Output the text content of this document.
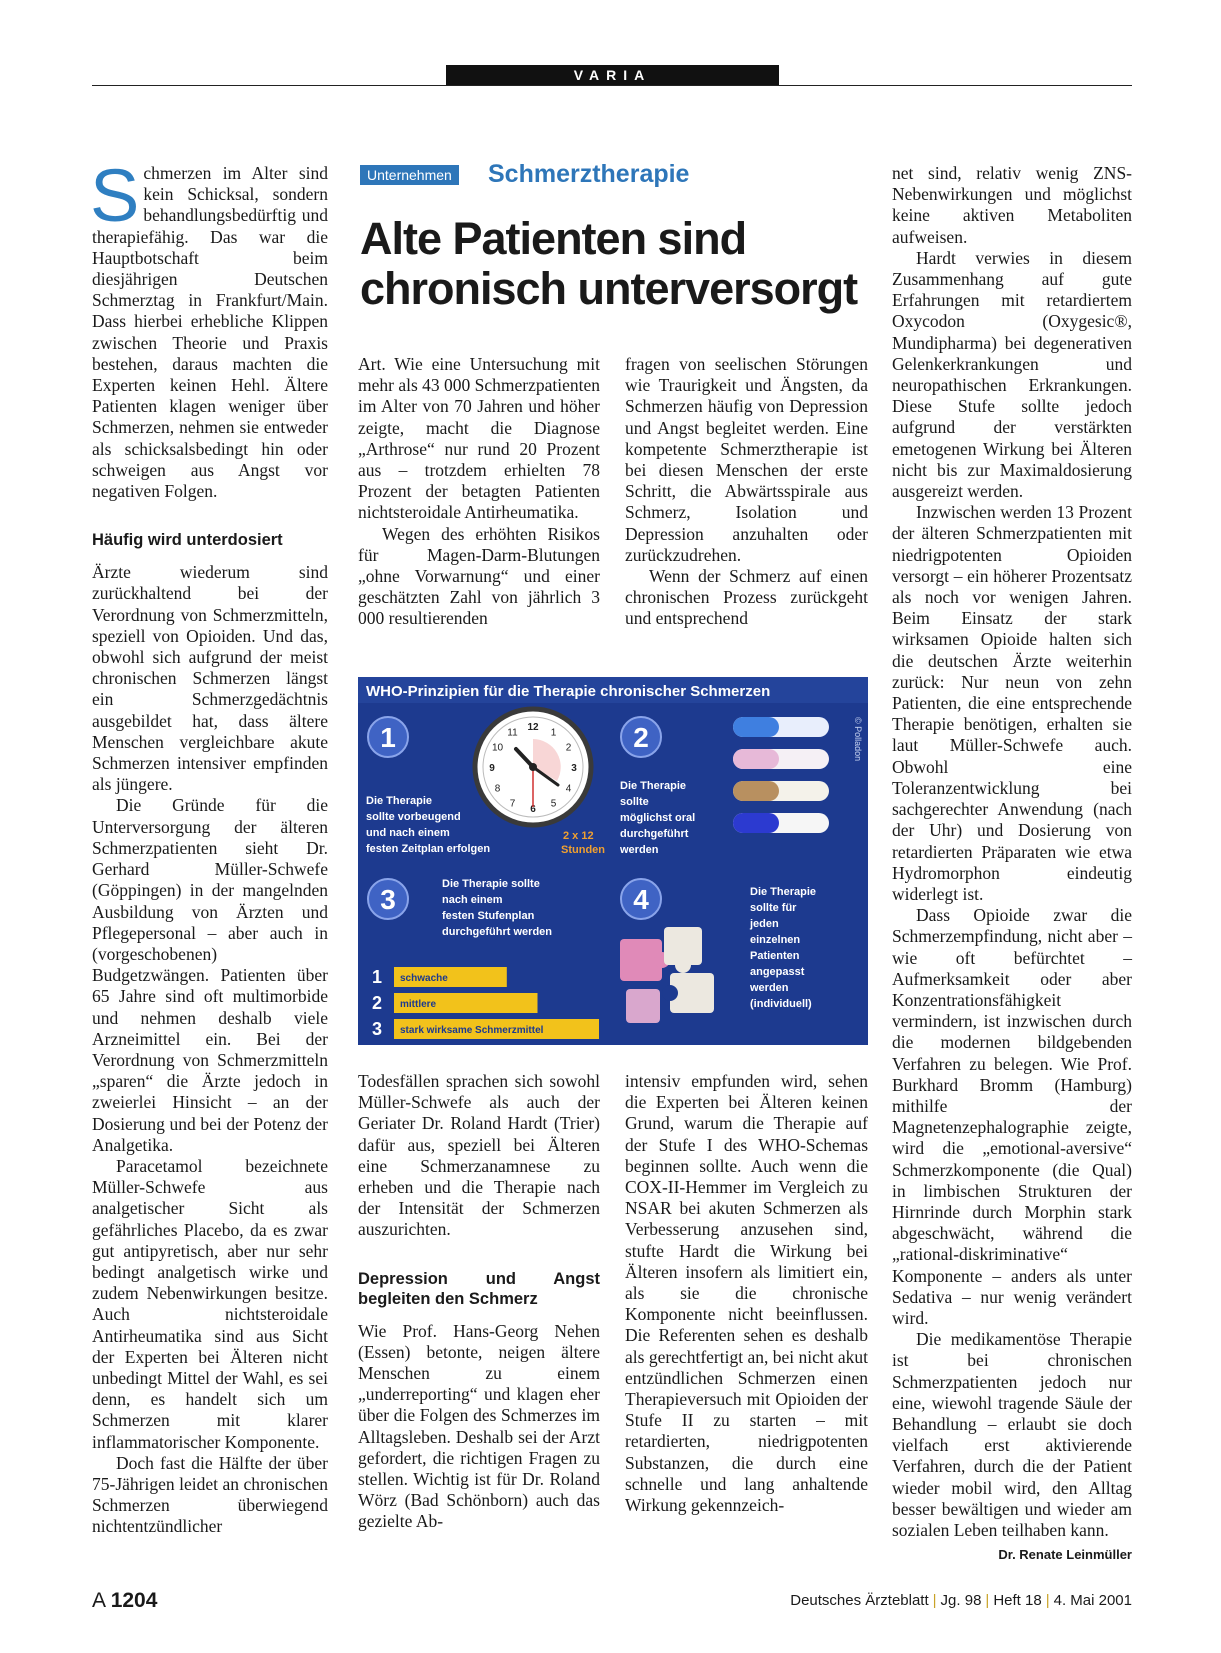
VARIA

Schmerzen im Alter sind kein Schicksal, sondern behandlungsbedürftig und therapiefähig. Das war die Hauptbotschaft beim diesjährigen Deutschen Schmerztag in Frankfurt/Main. Dass hierbei erhebliche Klippen zwischen Theorie und Praxis bestehen, daraus machten die Experten keinen Hehl. Ältere Patienten klagen weniger über Schmerzen, nehmen sie entweder als schicksalsbedingt hin oder schweigen aus Angst vor negativen Folgen.

Häufig wird unterdosiert

Ärzte wiederum sind zurückhaltend bei der Verordnung von Schmerzmitteln, speziell von Opioiden. Und das, obwohl sich aufgrund der meist chronischen Schmerzen längst ein Schmerzgedächtnis ausgebildet hat, dass ältere Menschen vergleichbare akute Schmerzen intensiver empfinden als jüngere.

Die Gründe für die Unterversorgung der älteren Schmerzpatienten sieht Dr. Gerhard Müller-Schwefe (Göppingen) in der mangelnden Ausbildung von Ärzten und Pflegepersonal – aber auch in (vorgeschobenen) Budgetzwängen. Patienten über 65 Jahre sind oft multimorbide und nehmen deshalb viele Arzneimittel ein. Bei der Verordnung von Schmerzmitteln „sparen“ die Ärzte jedoch in zweierlei Hinsicht – an der Dosierung und bei der Potenz der Analgetika.

Paracetamol bezeichnete Müller-Schwefe aus analgetischer Sicht als gefährliches Placebo, da es zwar gut antipyretisch, aber nur sehr bedingt analgetisch wirke und zudem Nebenwirkungen besitze. Auch nichtsteroidale Antirheumatika sind aus Sicht der Experten bei Älteren nicht unbedingt Mittel der Wahl, es sei denn, es handelt sich um Schmerzen mit klarer inflammatorischer Komponente.

Doch fast die Hälfte der über 75-Jährigen leidet an chronischen Schmerzen überwiegend nichtentzündlicher

Unternehmen Schmerztherapie
Alte Patienten sind
chronisch unterversorgt

Art. Wie eine Untersuchung mit mehr als 43 000 Schmerzpatienten im Alter von 70 Jahren und höher zeigte, macht die Diagnose „Arthrose“ nur rund 20 Prozent aus – trotzdem erhielten 78 Prozent der betagten Patienten nichtsteroidale Antirheumatika.

Wegen des erhöhten Risikos für Magen-Darm-Blutungen „ohne Vorwarnung“ und einer geschätzten Zahl von jährlich 3 000 resultierenden

fragen von seelischen Störungen wie Traurigkeit und Ängsten, da Schmerzen häufig von Depression und Angst begleitet werden. Eine kompetente Schmerztherapie ist bei diesen Menschen der erste Schritt, die Abwärtsspirale aus Schmerz, Isolation und Depression anzuhalten oder zurückzudrehen.

Wenn der Schmerz auf einen chronischen Prozess zurückgeht und entsprechend

WHO-Prinzipien für die Therapie chronischer Schmerzen
© Polladon
1
Die Therapie sollte vorbeugend und nach einem festen Zeitplan erfolgen
12 1
2
3
4
5
6
7
8
9
10
11
2 x 12 Stunden
2
Die Therapie sollte möglichst oral durchgeführt werden
3	Die Therapie sollte nach einem festen Stufenplan durchgeführt werden
1 schwache
2 mittlere
3 stark wirksame Schmerzmittel
4	Die Therapie sollte für jeden einzelnen Patienten angepasst werden (individuell)

Todesfällen sprachen sich sowohl Müller-Schwefe als auch der Geriater Dr. Roland Hardt (Trier) dafür aus, speziell bei Älteren eine Schmerzanamnese zu erheben und die Therapie nach der Intensität der Schmerzen auszurichten.

Depression und Angst begleiten den Schmerz

Wie Prof. Hans-Georg Nehen (Essen) betonte, neigen ältere Menschen zu einem „underreporting“ und klagen eher über die Folgen des Schmerzes im Alltagsleben. Deshalb sei der Arzt gefordert, die richtigen Fragen zu stellen. Wichtig ist für Dr. Roland Wörz (Bad Schönborn) auch das gezielte Ab-

intensiv empfunden wird, sehen die Experten bei Älteren keinen Grund, warum die Therapie auf der Stufe I des WHO-Schemas beginnen sollte. Auch wenn die COX-II-Hemmer im Vergleich zu NSAR bei akuten Schmerzen als Verbesserung anzusehen sind, stufte Hardt die Wirkung bei Älteren insofern als limitiert ein, als sie die chronische Komponente nicht beeinflussen. Die Referenten sehen es deshalb als gerechtfertigt an, bei nicht akut entzündlichen Schmerzen einen Therapieversuch mit Opioiden der Stufe II zu starten – mit retardierten, niedrigpotenten Substanzen, die durch eine schnelle und lang anhaltende Wirkung gekennzeich-

net sind, relativ wenig ZNS-Nebenwirkungen und möglichst keine aktiven Metaboliten aufweisen.

Hardt verwies in diesem Zusammenhang auf gute Erfahrungen mit retardiertem Oxycodon (Oxygesic®, Mundipharma) bei degenerativen Gelenkerkrankungen und neuropathischen Erkrankungen. Diese Stufe sollte jedoch aufgrund der verstärkten emetogenen Wirkung bei Älteren nicht bis zur Maximaldosierung ausgereizt werden.

Inzwischen werden 13 Prozent der älteren Schmerzpatienten mit niedrigpotenten Opioiden versorgt – ein höherer Prozentsatz als noch vor wenigen Jahren. Beim Einsatz der stark wirksamen Opioide halten sich die deutschen Ärzte weiterhin zurück: Nur neun von zehn Patienten, die eine entsprechende Therapie benötigen, erhalten sie laut Müller-Schwefe auch. Obwohl eine Toleranzentwicklung bei sachgerechter Anwendung (nach der Uhr) und Dosierung von retardierten Präparaten wie etwa Hydromorphon eindeutig widerlegt ist.

Dass Opioide zwar die Schmerzempfindung, nicht aber – wie oft befürchtet – Aufmerksamkeit oder aber Konzentrationsfähigkeit vermindern, ist inzwischen durch die modernen bildgebenden Verfahren zu belegen. Wie Prof. Burkhard Bromm (Hamburg) mithilfe der Magnetenzephalographie zeigte, wird die „emotional-aversive“ Schmerzkomponente (die Qual) in limbischen Strukturen der Hirnrinde durch Morphin stark abgeschwächt, während die „rational-diskriminative“ Komponente – anders als unter Sedativa – nur wenig verändert wird.

Die medikamentöse Therapie ist bei chronischen Schmerzpatienten jedoch nur eine, wiewohl tragende Säule der Behandlung – erlaubt sie doch vielfach erst aktivierende Verfahren, durch die der Patient wieder mobil wird, den Alltag besser bewältigen und wieder am sozialen Leben teilhaben kann.
Dr. Renate Leinmüller

A 1204	Deutsches Ärzteblatt | Jg. 98 | Heft 18 | 4. Mai 2001
